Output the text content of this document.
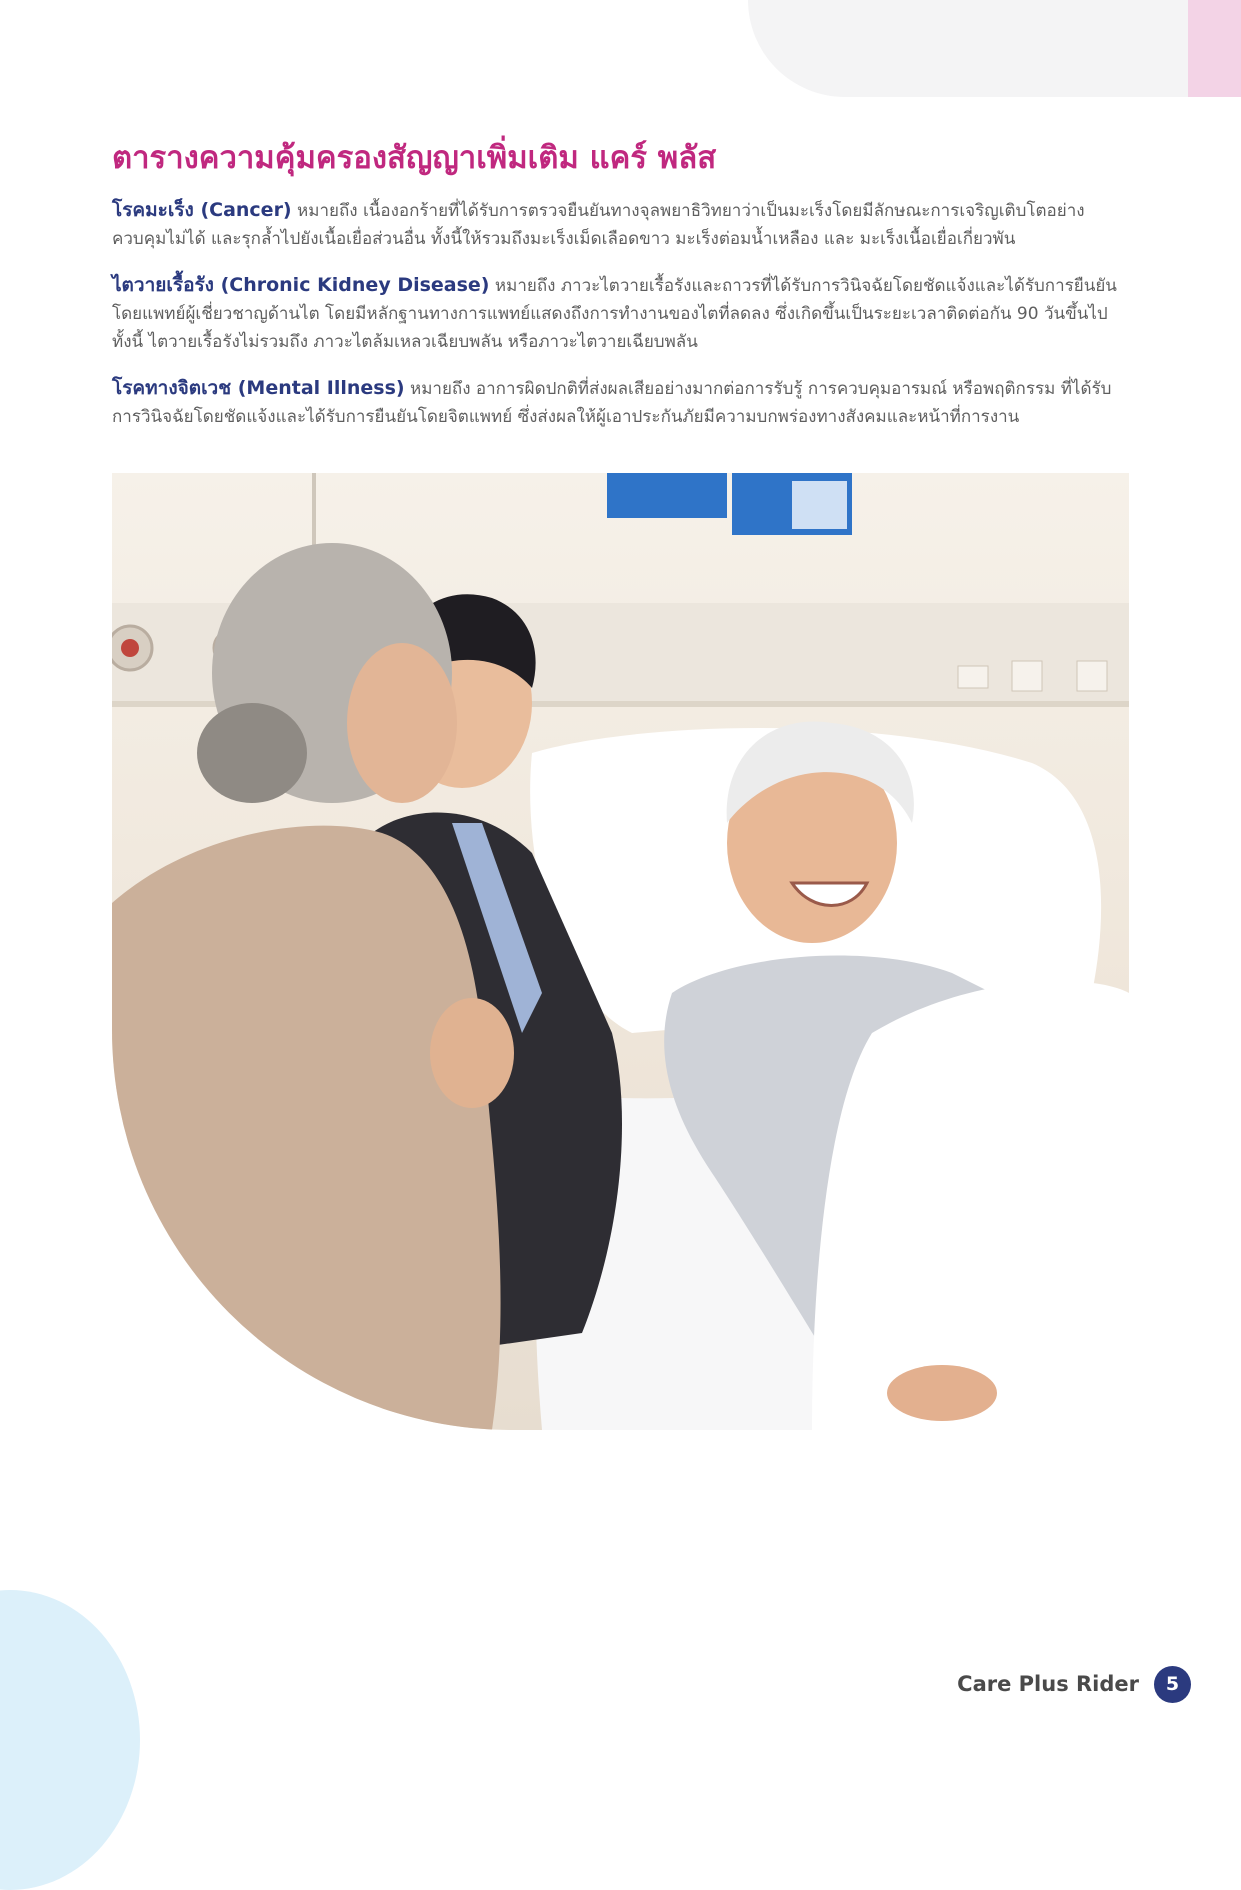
ตารางความคุ้มครองสัญญาเพิ่มเติม แคร์ พลัส

โรคมะเร็ง (Cancer) หมายถึง เนื้องอกร้ายที่ได้รับการตรวจยืนยันทางจุลพยาธิวิทยาว่าเป็นมะเร็งโดยมีลักษณะการเจริญเติบโตอย่างควบคุมไม่ได้ และรุกล้ำไปยังเนื้อเยื่อส่วนอื่น ทั้งนี้ให้รวมถึงมะเร็งเม็ดเลือดขาว มะเร็งต่อมน้ำเหลือง และ มะเร็งเนื้อเยื่อเกี่ยวพัน

ไตวายเรื้อรัง (Chronic Kidney Disease) หมายถึง ภาวะไตวายเรื้อรังและถาวรที่ได้รับการวินิจฉัยโดยชัดแจ้งและได้รับการยืนยันโดยแพทย์ผู้เชี่ยวชาญด้านไต โดยมีหลักฐานทางการแพทย์แสดงถึงการทำงานของไตที่ลดลง ซึ่งเกิดขึ้นเป็นระยะเวลาติดต่อกัน 90 วันขึ้นไป ทั้งนี้ ไตวายเรื้อรังไม่รวมถึง ภาวะไตล้มเหลวเฉียบพลัน หรือภาวะไตวายเฉียบพลัน

โรคทางจิตเวช (Mental Illness) หมายถึง อาการผิดปกติที่ส่งผลเสียอย่างมากต่อการรับรู้ การควบคุมอารมณ์ หรือพฤติกรรม ที่ได้รับการวินิจฉัยโดยชัดแจ้งและได้รับการยืนยันโดยจิตแพทย์ ซึ่งส่งผลให้ผู้เอาประกันภัยมีความบกพร่องทางสังคมและหน้าที่การงาน

Care Plus Rider	5
